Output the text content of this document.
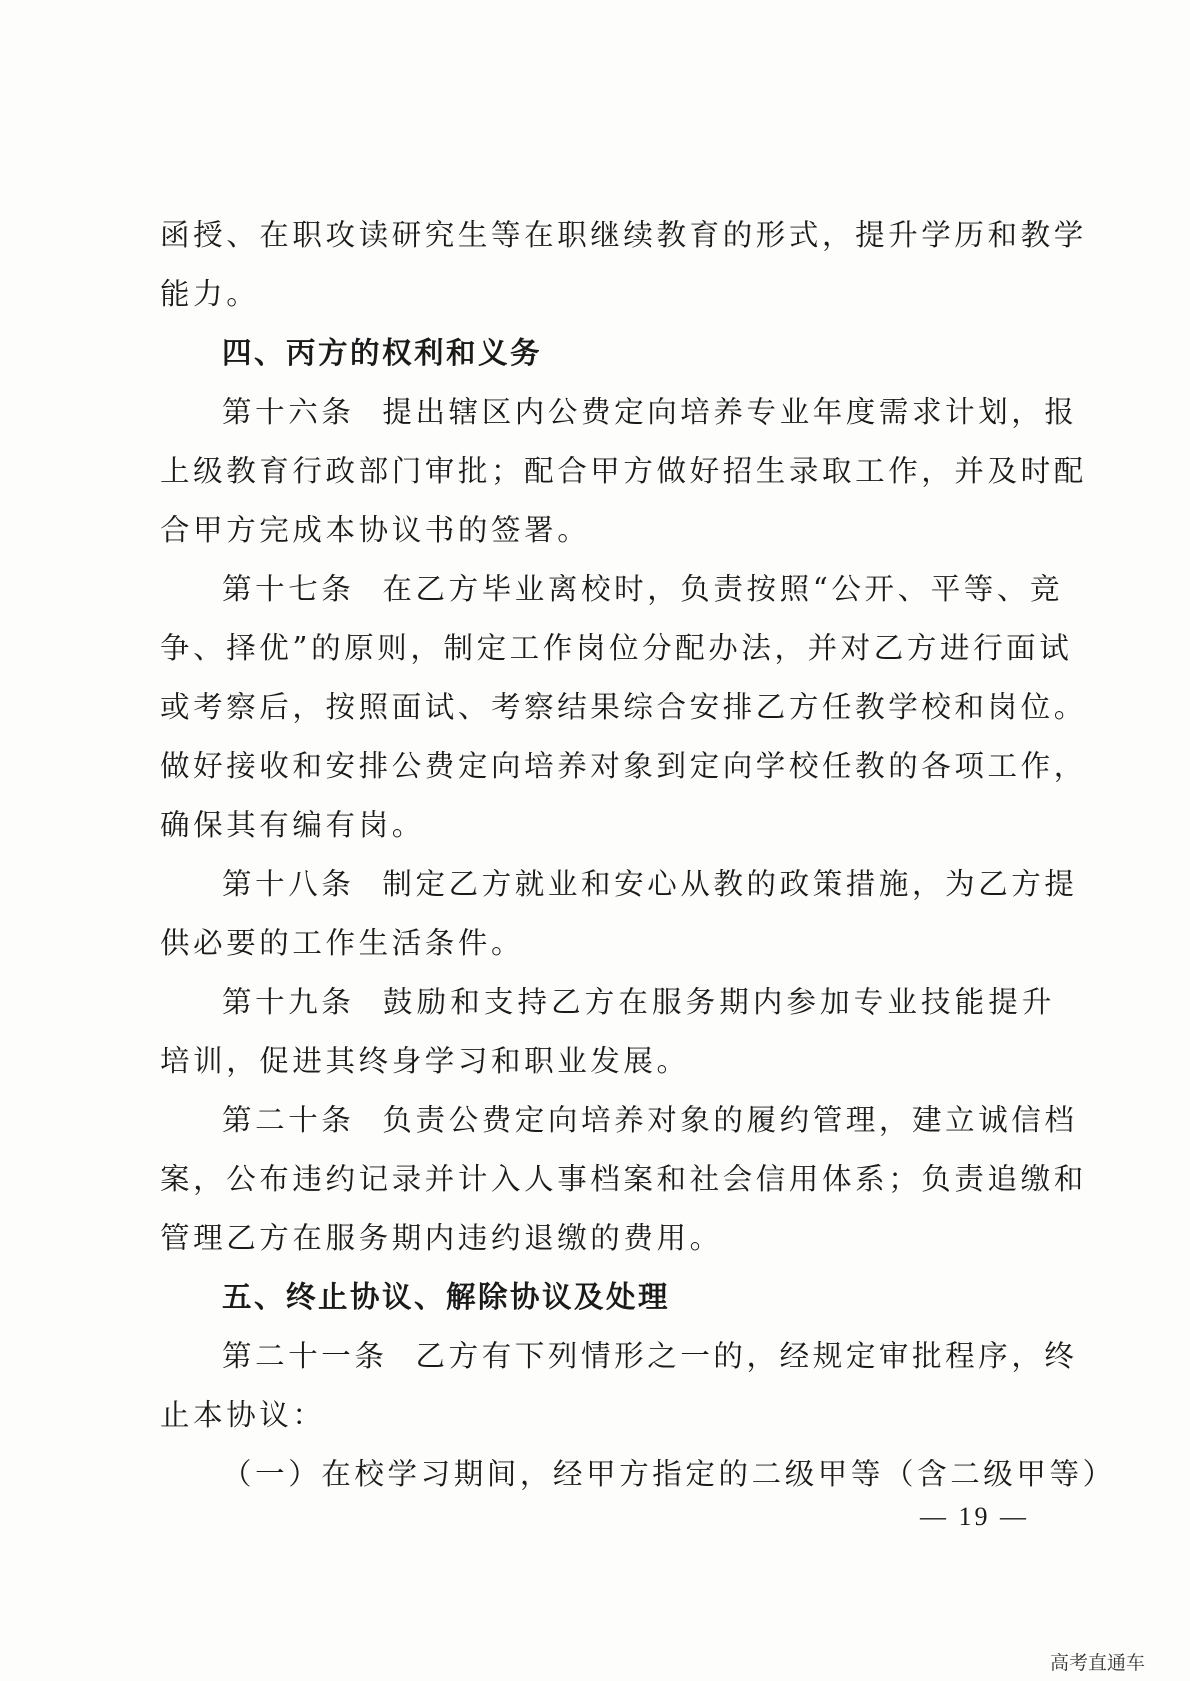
函授、在职攻读研究生等在职继续教育的形式，提升学历和教学
能力。
四、丙方的权利和义务
第十六条 提出辖区内公费定向培养专业年度需求计划，报
上级教育行政部门审批；配合甲方做好招生录取工作，并及时配
合甲方完成本协议书的签署。
第十七条 在乙方毕业离校时，负责按照“公开、平等、竞
争、择优”的原则，制定工作岗位分配办法，并对乙方进行面试
或考察后，按照面试、考察结果综合安排乙方任教学校和岗位。
做好接收和安排公费定向培养对象到定向学校任教的各项工作，
确保其有编有岗。
第十八条 制定乙方就业和安心从教的政策措施，为乙方提
供必要的工作生活条件。
第十九条 鼓励和支持乙方在服务期内参加专业技能提升
培训，促进其终身学习和职业发展。
第二十条 负责公费定向培养对象的履约管理，建立诚信档
案，公布违约记录并计入人事档案和社会信用体系；负责追缴和
管理乙方在服务期内违约退缴的费用。
五、终止协议、解除协议及处理
第二十一条 乙方有下列情形之一的，经规定审批程序，终
止本协议：
（一）在校学习期间，经甲方指定的二级甲等（含二级甲等）
— 19 —
高考直通车
